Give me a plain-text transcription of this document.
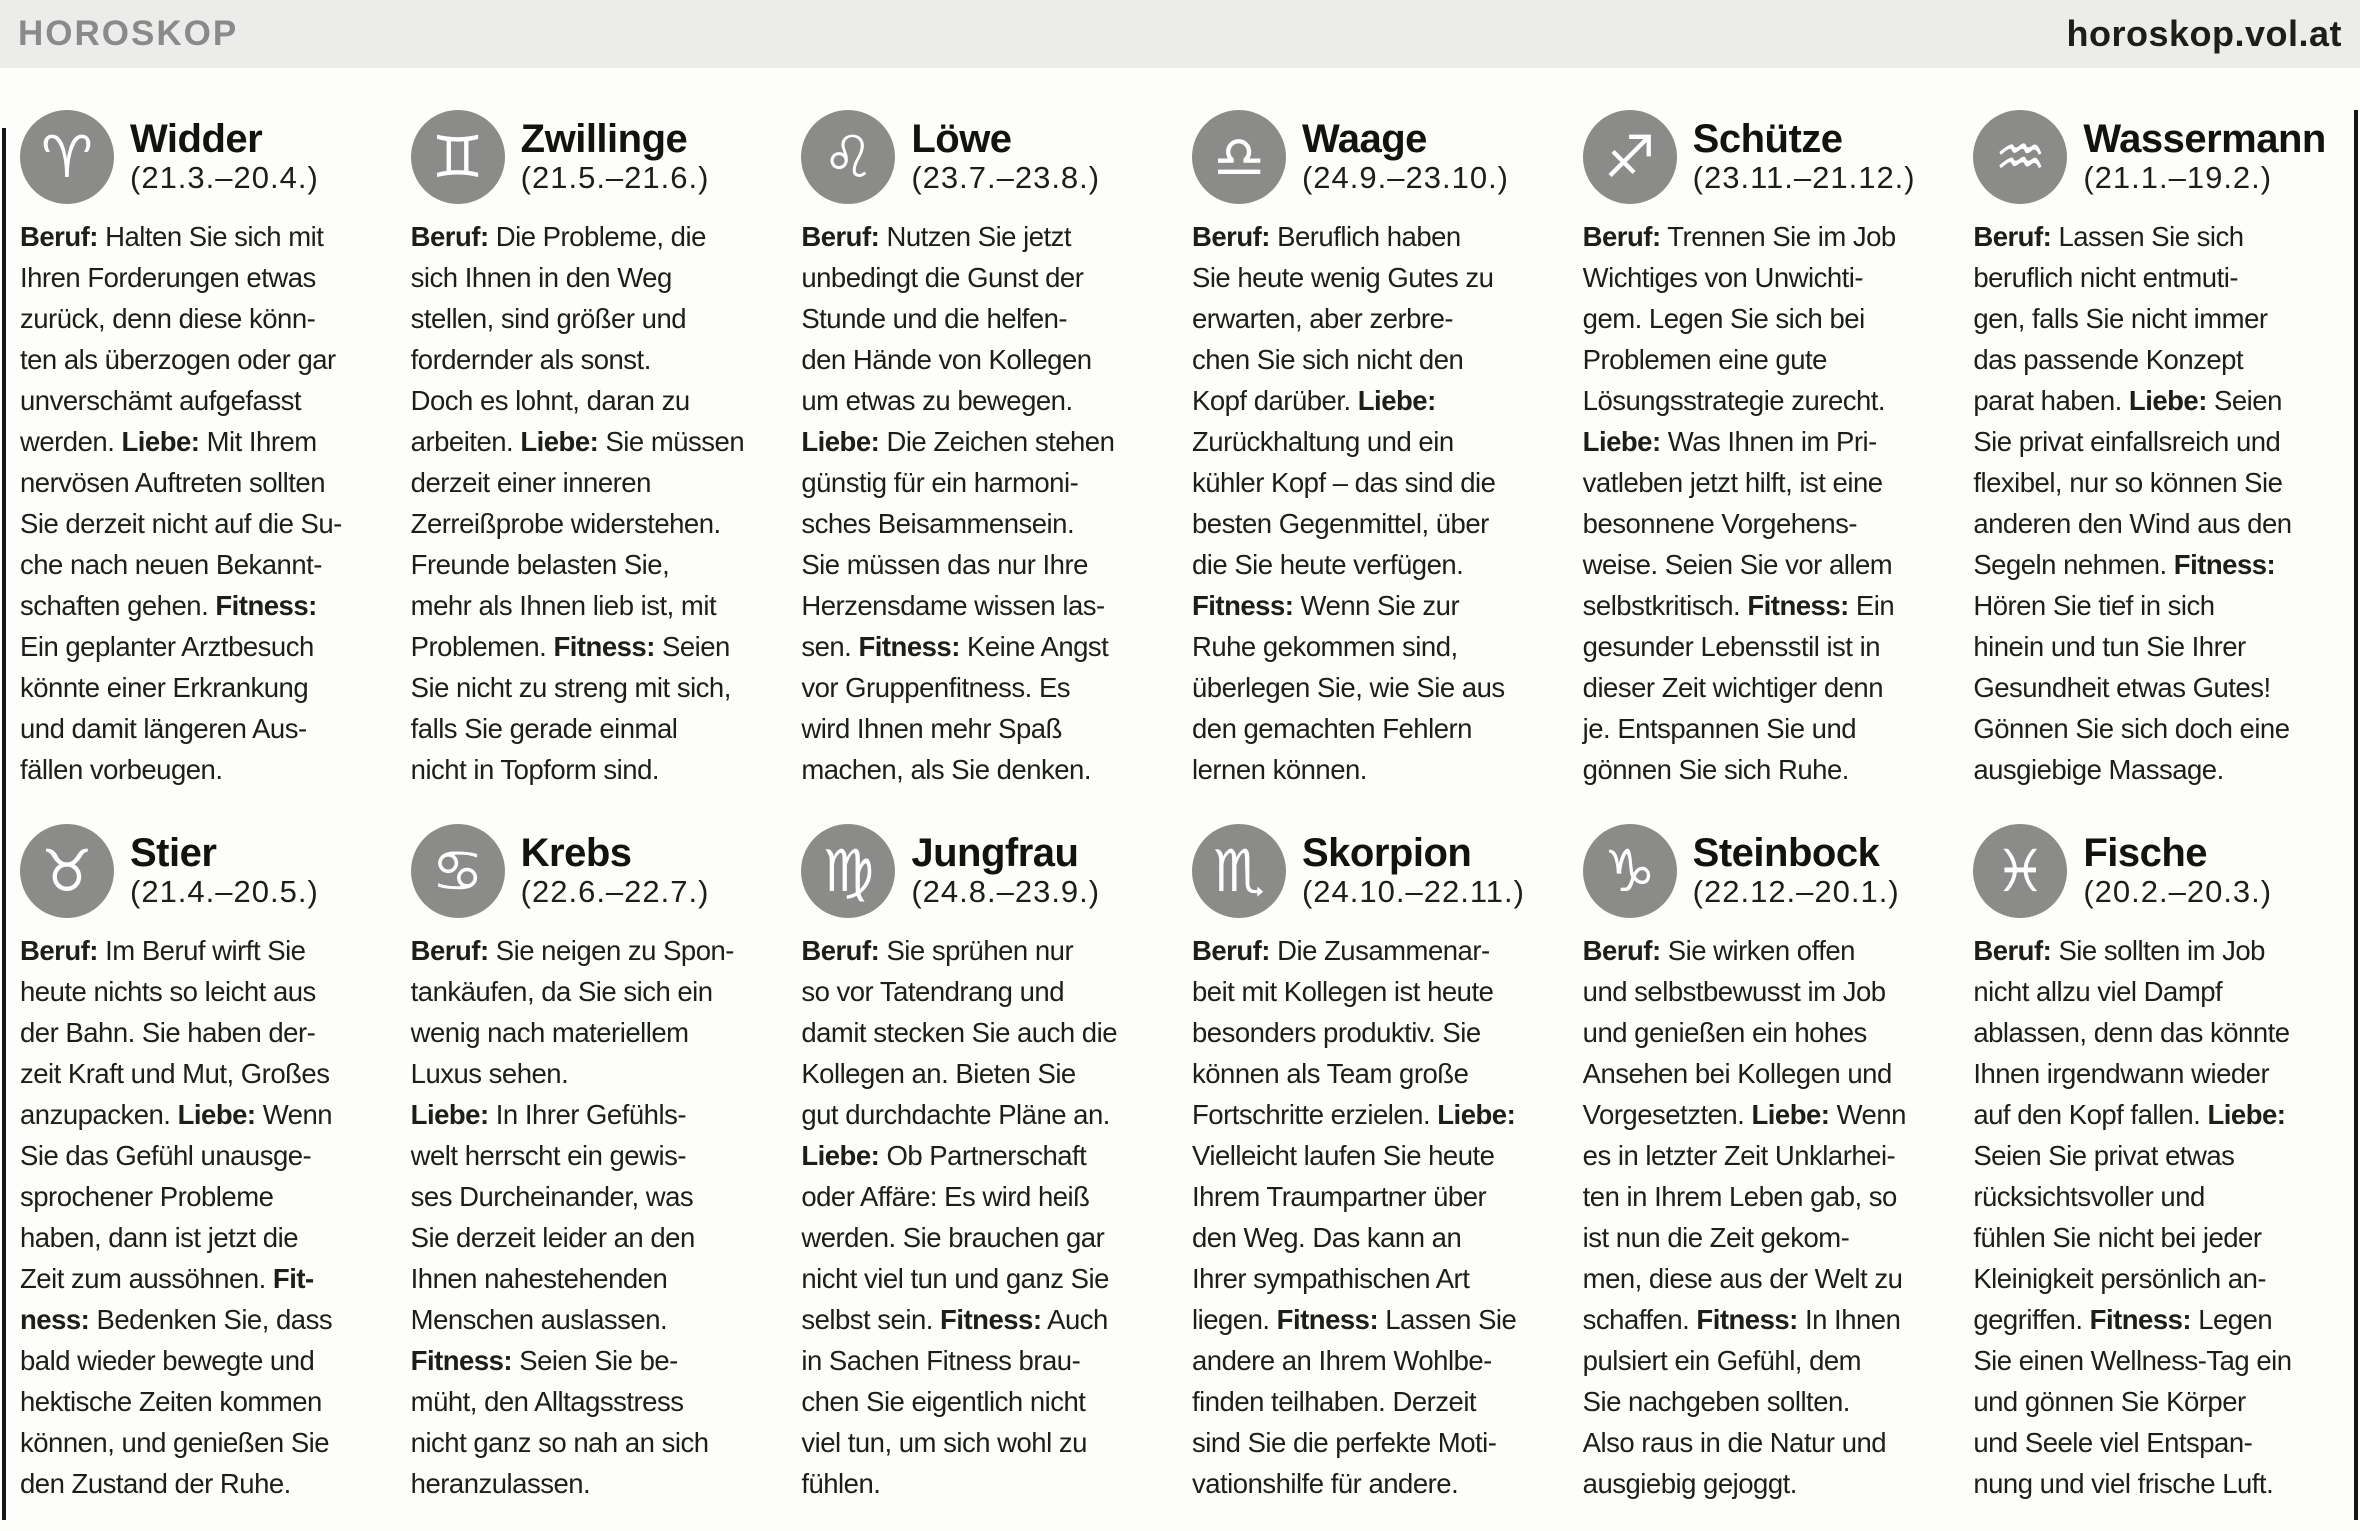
HOROSKOP	horoskop.vol.at
♈ Widder
(21.3.–20.4.)
Beruf: Halten Sie sich mit
Ihren Forderungen etwas
zurück, denn diese könn-
ten als überzogen oder gar
unverschämt aufgefasst
werden. Liebe: Mit Ihrem
nervösen Auftreten sollten
Sie derzeit nicht auf die Su-
che nach neuen Bekannt-
schaften gehen. Fitness:
Ein geplanter Arztbesuch
könnte einer Erkrankung
und damit längeren Aus-
fällen vorbeugen.
♊ Zwillinge
(21.5.–21.6.)
Beruf: Die Probleme, die
sich Ihnen in den Weg
stellen, sind größer und
fordernder als sonst.
Doch es lohnt, daran zu
arbeiten. Liebe: Sie müssen
derzeit einer inneren
Zerreißprobe widerstehen.
Freunde belasten Sie,
mehr als Ihnen lieb ist, mit
Problemen. Fitness: Seien
Sie nicht zu streng mit sich,
falls Sie gerade einmal
nicht in Topform sind.
♌ Löwe
(23.7.–23.8.)
Beruf: Nutzen Sie jetzt
unbedingt die Gunst der
Stunde und die helfen-
den Hände von Kollegen
um etwas zu bewegen.
Liebe: Die Zeichen stehen
günstig für ein harmoni-
sches Beisammensein.
Sie müssen das nur Ihre
Herzensdame wissen las-
sen. Fitness: Keine Angst
vor Gruppenfitness. Es
wird Ihnen mehr Spaß
machen, als Sie denken.
♎ Waage
(24.9.–23.10.)
Beruf: Beruflich haben
Sie heute wenig Gutes zu
erwarten, aber zerbre-
chen Sie sich nicht den
Kopf darüber. Liebe:
Zurückhaltung und ein
kühler Kopf – das sind die
besten Gegenmittel, über
die Sie heute verfügen.
Fitness: Wenn Sie zur
Ruhe gekommen sind,
überlegen Sie, wie Sie aus
den gemachten Fehlern
lernen können.
♐ Schütze
(23.11.–21.12.)
Beruf: Trennen Sie im Job
Wichtiges von Unwichti-
gem. Legen Sie sich bei
Problemen eine gute
Lösungsstrategie zurecht.
Liebe: Was Ihnen im Pri-
vatleben jetzt hilft, ist eine
besonnene Vorgehens-
weise. Seien Sie vor allem
selbstkritisch. Fitness: Ein
gesunder Lebensstil ist in
dieser Zeit wichtiger denn
je. Entspannen Sie und
gönnen Sie sich Ruhe.
♒ Wassermann
(21.1.–19.2.)
Beruf: Lassen Sie sich
beruflich nicht entmuti-
gen, falls Sie nicht immer
das passende Konzept
parat haben. Liebe: Seien
Sie privat einfallsreich und
flexibel, nur so können Sie
anderen den Wind aus den
Segeln nehmen. Fitness:
Hören Sie tief in sich
hinein und tun Sie Ihrer
Gesundheit etwas Gutes!
Gönnen Sie sich doch eine
ausgiebige Massage.
♉ Stier
(21.4.–20.5.)
Beruf: Im Beruf wirft Sie
heute nichts so leicht aus
der Bahn. Sie haben der-
zeit Kraft und Mut, Großes
anzupacken. Liebe: Wenn
Sie das Gefühl unausge-
sprochener Probleme
haben, dann ist jetzt die
Zeit zum aussöhnen. Fit-
ness: Bedenken Sie, dass
bald wieder bewegte und
hektische Zeiten kommen
können, und genießen Sie
den Zustand der Ruhe.
♋ Krebs
(22.6.–22.7.)
Beruf: Sie neigen zu Spon-
tankäufen, da Sie sich ein
wenig nach materiellem
Luxus sehen.
Liebe: In Ihrer Gefühls-
welt herrscht ein gewis-
ses Durcheinander, was
Sie derzeit leider an den
Ihnen nahestehenden
Menschen auslassen.
Fitness: Seien Sie be-
müht, den Alltagsstress
nicht ganz so nah an sich
heranzulassen.
♍ Jungfrau
(24.8.–23.9.)
Beruf: Sie sprühen nur
so vor Tatendrang und
damit stecken Sie auch die
Kollegen an. Bieten Sie
gut durchdachte Pläne an.
Liebe: Ob Partnerschaft
oder Affäre: Es wird heiß
werden. Sie brauchen gar
nicht viel tun und ganz Sie
selbst sein. Fitness: Auch
in Sachen Fitness brau-
chen Sie eigentlich nicht
viel tun, um sich wohl zu
fühlen.
♏ Skorpion
(24.10.–22.11.)
Beruf: Die Zusammenar-
beit mit Kollegen ist heute
besonders produktiv. Sie
können als Team große
Fortschritte erzielen. Liebe:
Vielleicht laufen Sie heute
Ihrem Traumpartner über
den Weg. Das kann an
Ihrer sympathischen Art
liegen. Fitness: Lassen Sie
andere an Ihrem Wohlbe-
finden teilhaben. Derzeit
sind Sie die perfekte Moti-
vationshilfe für andere.
♑ Steinbock
(22.12.–20.1.)
Beruf: Sie wirken offen
und selbstbewusst im Job
und genießen ein hohes
Ansehen bei Kollegen und
Vorgesetzten. Liebe: Wenn
es in letzter Zeit Unklarhei-
ten in Ihrem Leben gab, so
ist nun die Zeit gekom-
men, diese aus der Welt zu
schaffen. Fitness: In Ihnen
pulsiert ein Gefühl, dem
Sie nachgeben sollten.
Also raus in die Natur und
ausgiebig gejoggt.
♓ Fische
(20.2.–20.3.)
Beruf: Sie sollten im Job
nicht allzu viel Dampf
ablassen, denn das könnte
Ihnen irgendwann wieder
auf den Kopf fallen. Liebe:
Seien Sie privat etwas
rücksichtsvoller und
fühlen Sie nicht bei jeder
Kleinigkeit persönlich an-
gegriffen. Fitness: Legen
Sie einen Wellness-Tag ein
und gönnen Sie Körper
und Seele viel Entspan-
nung und viel frische Luft.
